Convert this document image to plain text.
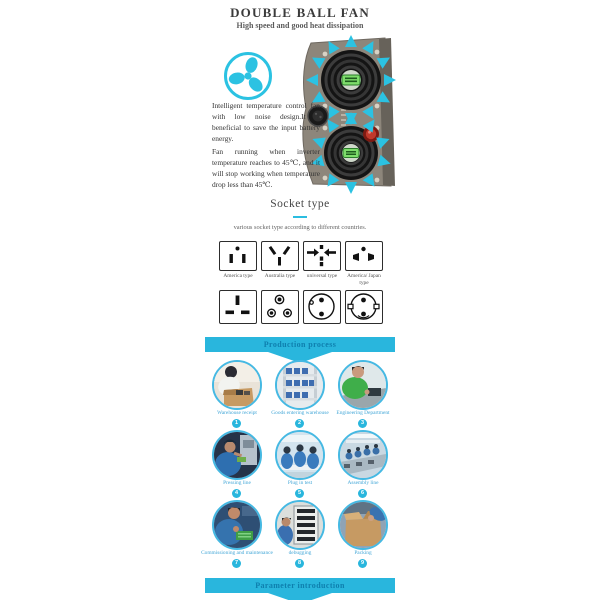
DOUBLE BALL FAN
High speed and good heat dissipation

Intelligent temperature control fan with low noise design.It is beneficial to save the input battery energy.

Fan running when inverter temperature reaches to 45℃, and it will stop working when temperature drop less than 45℃.

Socket type
various socket type according to different countries.
America type	Australia type	universal type	America/ Japan type
Production process
Warehouse receipt	Goods entering warehouse	Engineering Department
1	2	3
Pressing line	Plug in test	Assembly line
4	5	6
Commissioning and maintenance	debugging	Packing
7	8	9
Parameter introduction
